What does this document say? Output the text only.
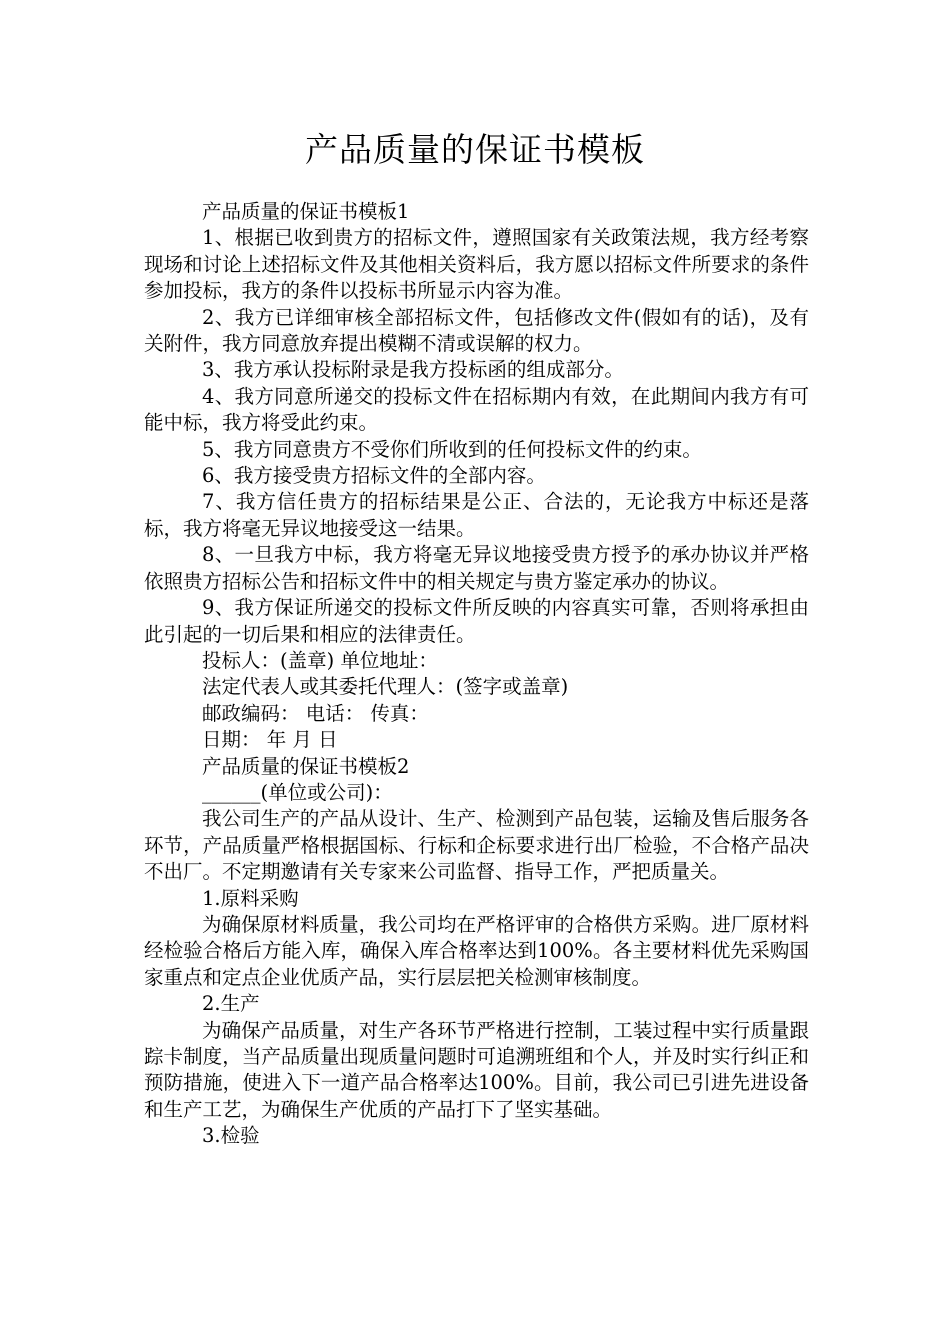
产品质量的保证书模板

产品质量的保证书模板1

1、根据已收到贵方的招标文件，遵照国家有关政策法规，我方经考察现场和讨论上述招标文件及其他相关资料后，我方愿以招标文件所要求的条件参加投标，我方的条件以投标书所显示内容为准。

2、我方已详细审核全部招标文件，包括修改文件(假如有的话)，及有关附件，我方同意放弃提出模糊不清或误解的权力。

3、我方承认投标附录是我方投标函的组成部分。

4、我方同意所递交的投标文件在招标期内有效，在此期间内我方有可能中标，我方将受此约束。

5、我方同意贵方不受你们所收到的任何投标文件的约束。

6、我方接受贵方招标文件的全部内容。

7、我方信任贵方的招标结果是公正、合法的，无论我方中标还是落标，我方将毫无异议地接受这一结果。

8、一旦我方中标，我方将毫无异议地接受贵方授予的承办协议并严格依照贵方招标公告和招标文件中的相关规定与贵方鉴定承办的协议。

9、我方保证所递交的投标文件所反映的内容真实可靠，否则将承担由此引起的一切后果和相应的法律责任。

投标人：(盖章) 单位地址：

法定代表人或其委托代理人：(签字或盖章)

邮政编码： 电话： 传真：

日期： 年 月 日

产品质量的保证书模板2

______(单位或公司)：

我公司生产的产品从设计、生产、检测到产品包装，运输及售后服务各环节，产品质量严格根据国标、行标和企标要求进行出厂检验，不合格产品决不出厂。不定期邀请有关专家来公司监督、指导工作，严把质量关。

1.原料采购

为确保原材料质量，我公司均在严格评审的合格供方采购。进厂原材料经检验合格后方能入库，确保入库合格率达到100%。各主要材料优先采购国家重点和定点企业优质产品，实行层层把关检测审核制度。

2.生产

为确保产品质量，对生产各环节严格进行控制，工装过程中实行质量跟踪卡制度，当产品质量出现质量问题时可追溯班组和个人，并及时实行纠正和预防措施，使进入下一道产品合格率达100%。目前，我公司已引进先进设备和生产工艺，为确保生产优质的产品打下了坚实基础。

3.检验
